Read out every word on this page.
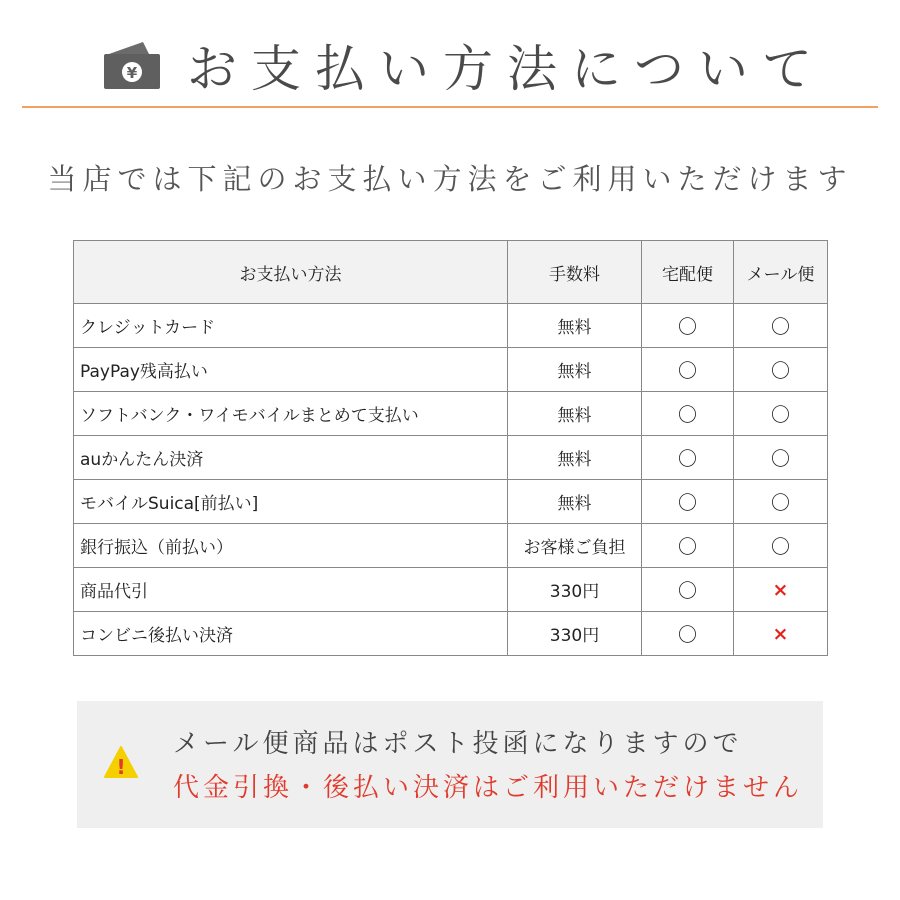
¥ お支払い方法について
当店では下記のお支払い方法をご利用いただけます
お支払い方法	手数料	宅配便	メール便
クレジットカード	無料	〇	〇
PayPay残高払い	無料	〇	〇
ソフトバンク・ワイモバイルまとめて支払い	無料	〇	〇
auかんたん決済	無料	〇	〇
モバイルSuica[前払い]	無料	〇	〇
銀行振込（前払い）	お客様ご負担	〇	〇
商品代引	330円	〇	×
コンビニ後払い決済	330円	〇	×
!
メール便商品はポスト投函になりますので
代金引換・後払い決済はご利用いただけません
